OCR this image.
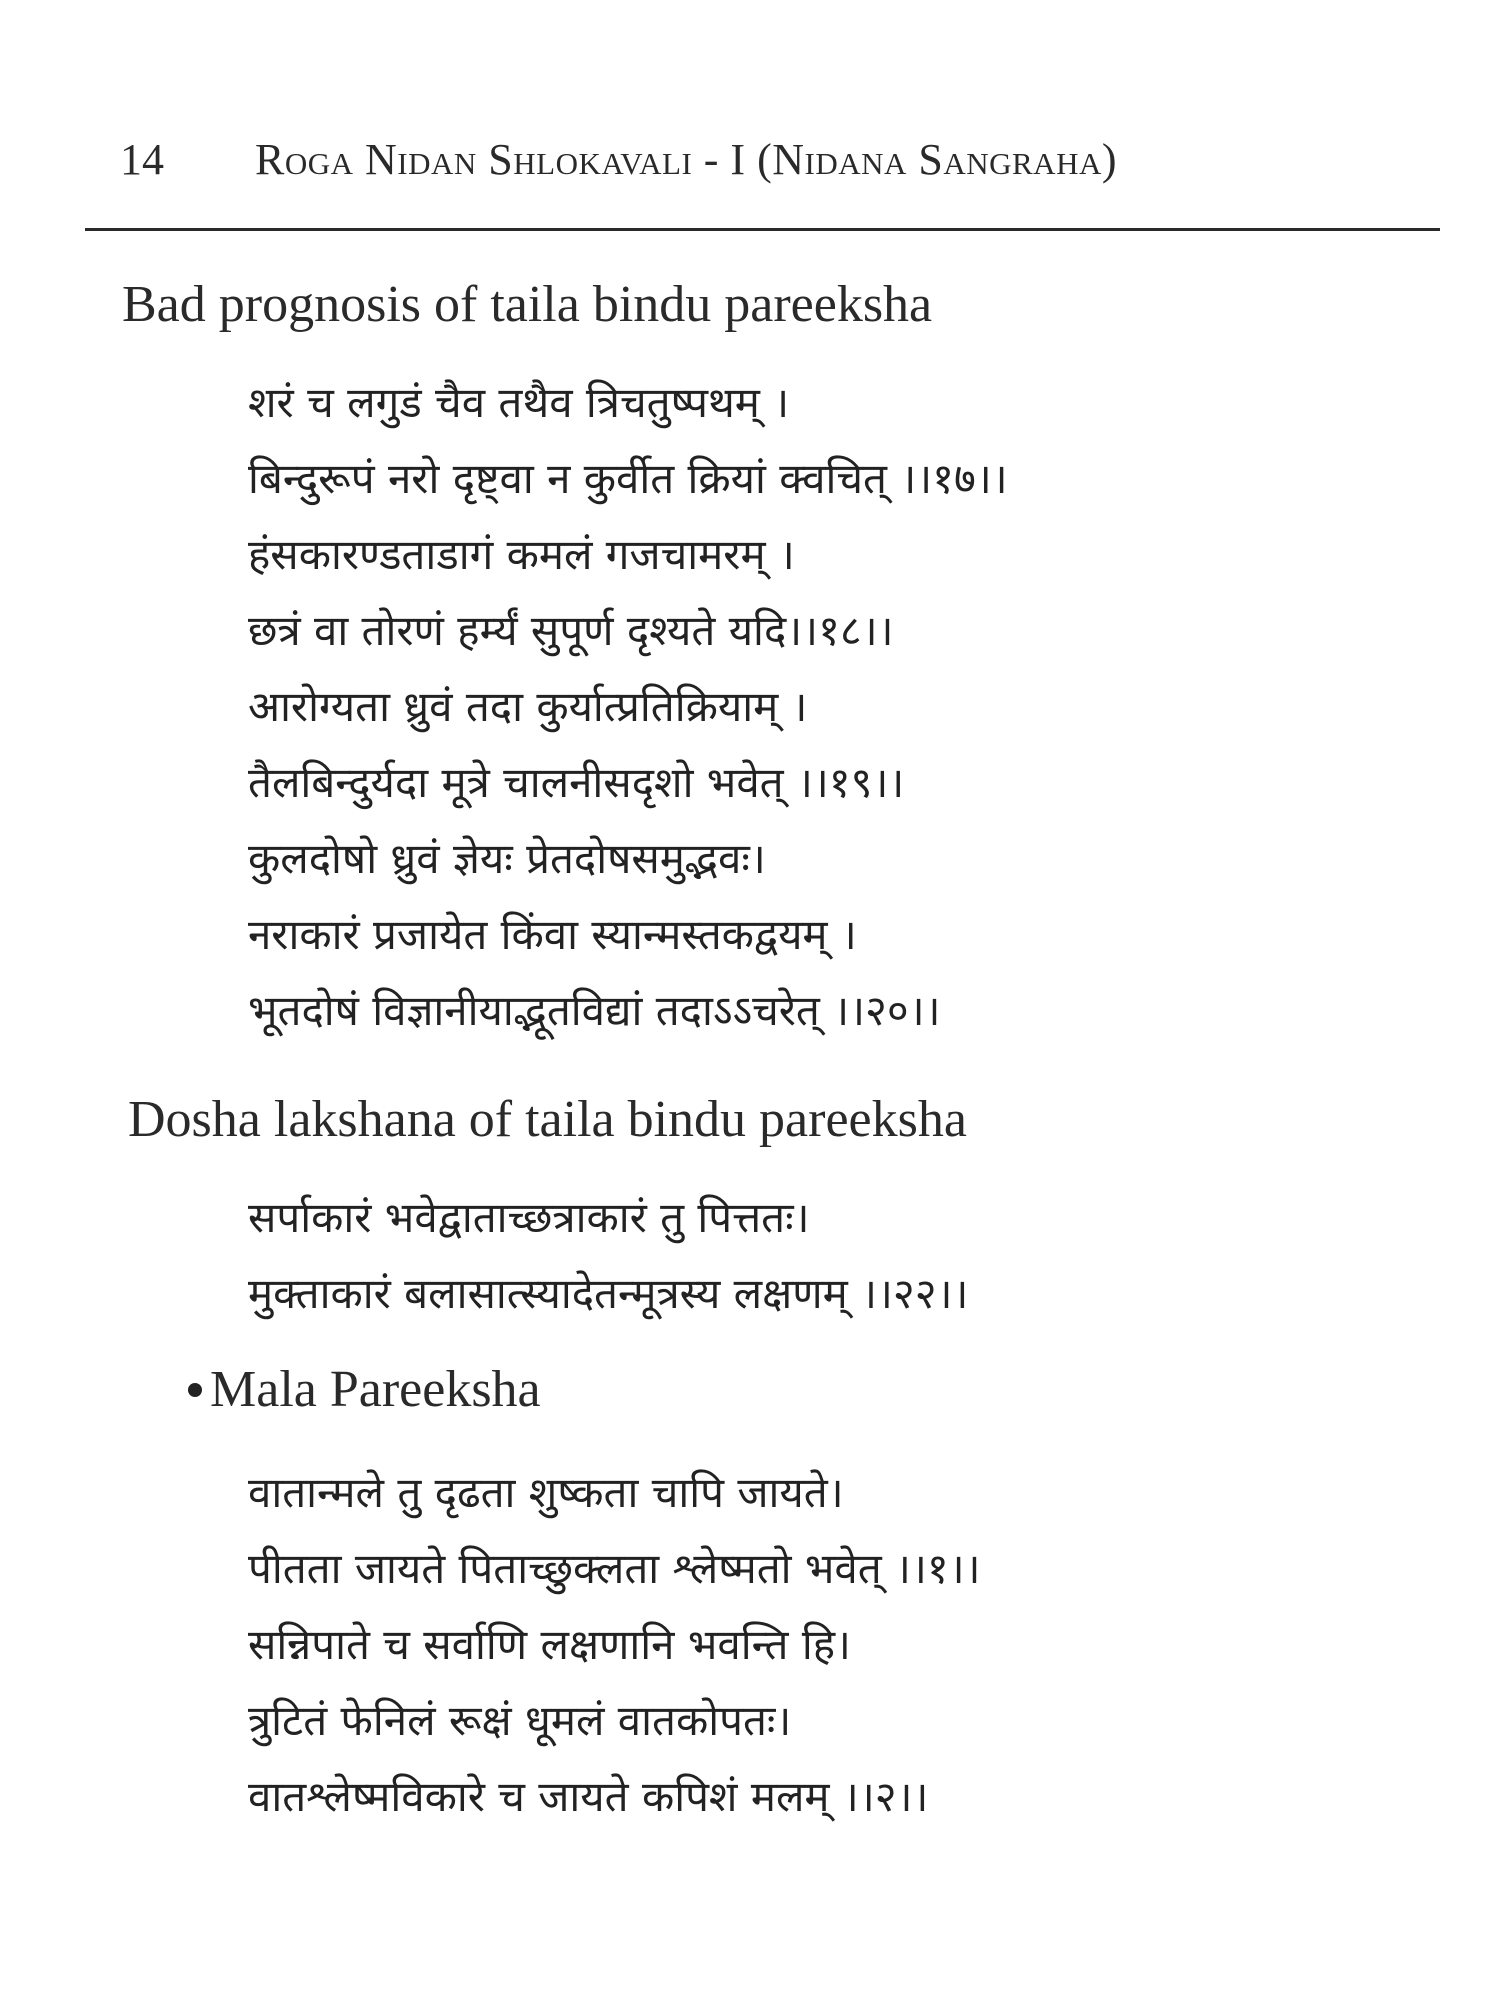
14 Roga Nidan Shlokavali - I (Nidana Sangraha)
Bad prognosis of taila bindu pareeksha
शरं च लगुडं चैव तथैव त्रिचतुष्पथम् ।
बिन्दुरूपं नरो दृष्ट्वा न कुर्वीत क्रियां क्वचित् ।।१७।।
हंसकारण्डताडागं कमलं गजचामरम् ।
छत्रं वा तोरणं हर्म्यं सुपूर्ण दृश्यते यदि।।१८।।
आरोग्यता ध्रुवं तदा कुर्यात्प्रतिक्रियाम् ।
तैलबिन्दुर्यदा मूत्रे चालनीसदृशो भवेत् ।।१९।।
कुलदोषो ध्रुवं ज्ञेयः प्रेतदोषसमुद्भवः।
नराकारं प्रजायेत किंवा स्यान्मस्तकद्वयम् ।
भूतदोषं विज्ञानीयाद्भूतविद्यां तदाऽऽचरेत् ।।२०।।
Dosha lakshana of taila bindu pareeksha
सर्पाकारं भवेद्वाताच्छत्राकारं तु पित्ततः।
मुक्ताकारं बलासात्स्यादेतन्मूत्रस्य लक्षणम् ।।२२।।
Mala Pareeksha
वातान्मले तु दृढता शुष्कता चापि जायते।
पीतता जायते पिताच्छुक्लता श्लेष्मतो भवेत् ।।१।।
सन्निपाते च सर्वाणि लक्षणानि भवन्ति हि।
त्रुटितं फेनिलं रूक्षं धूमलं वातकोपतः।
वातश्लेष्मविकारे च जायते कपिशं मलम् ।।२।।
